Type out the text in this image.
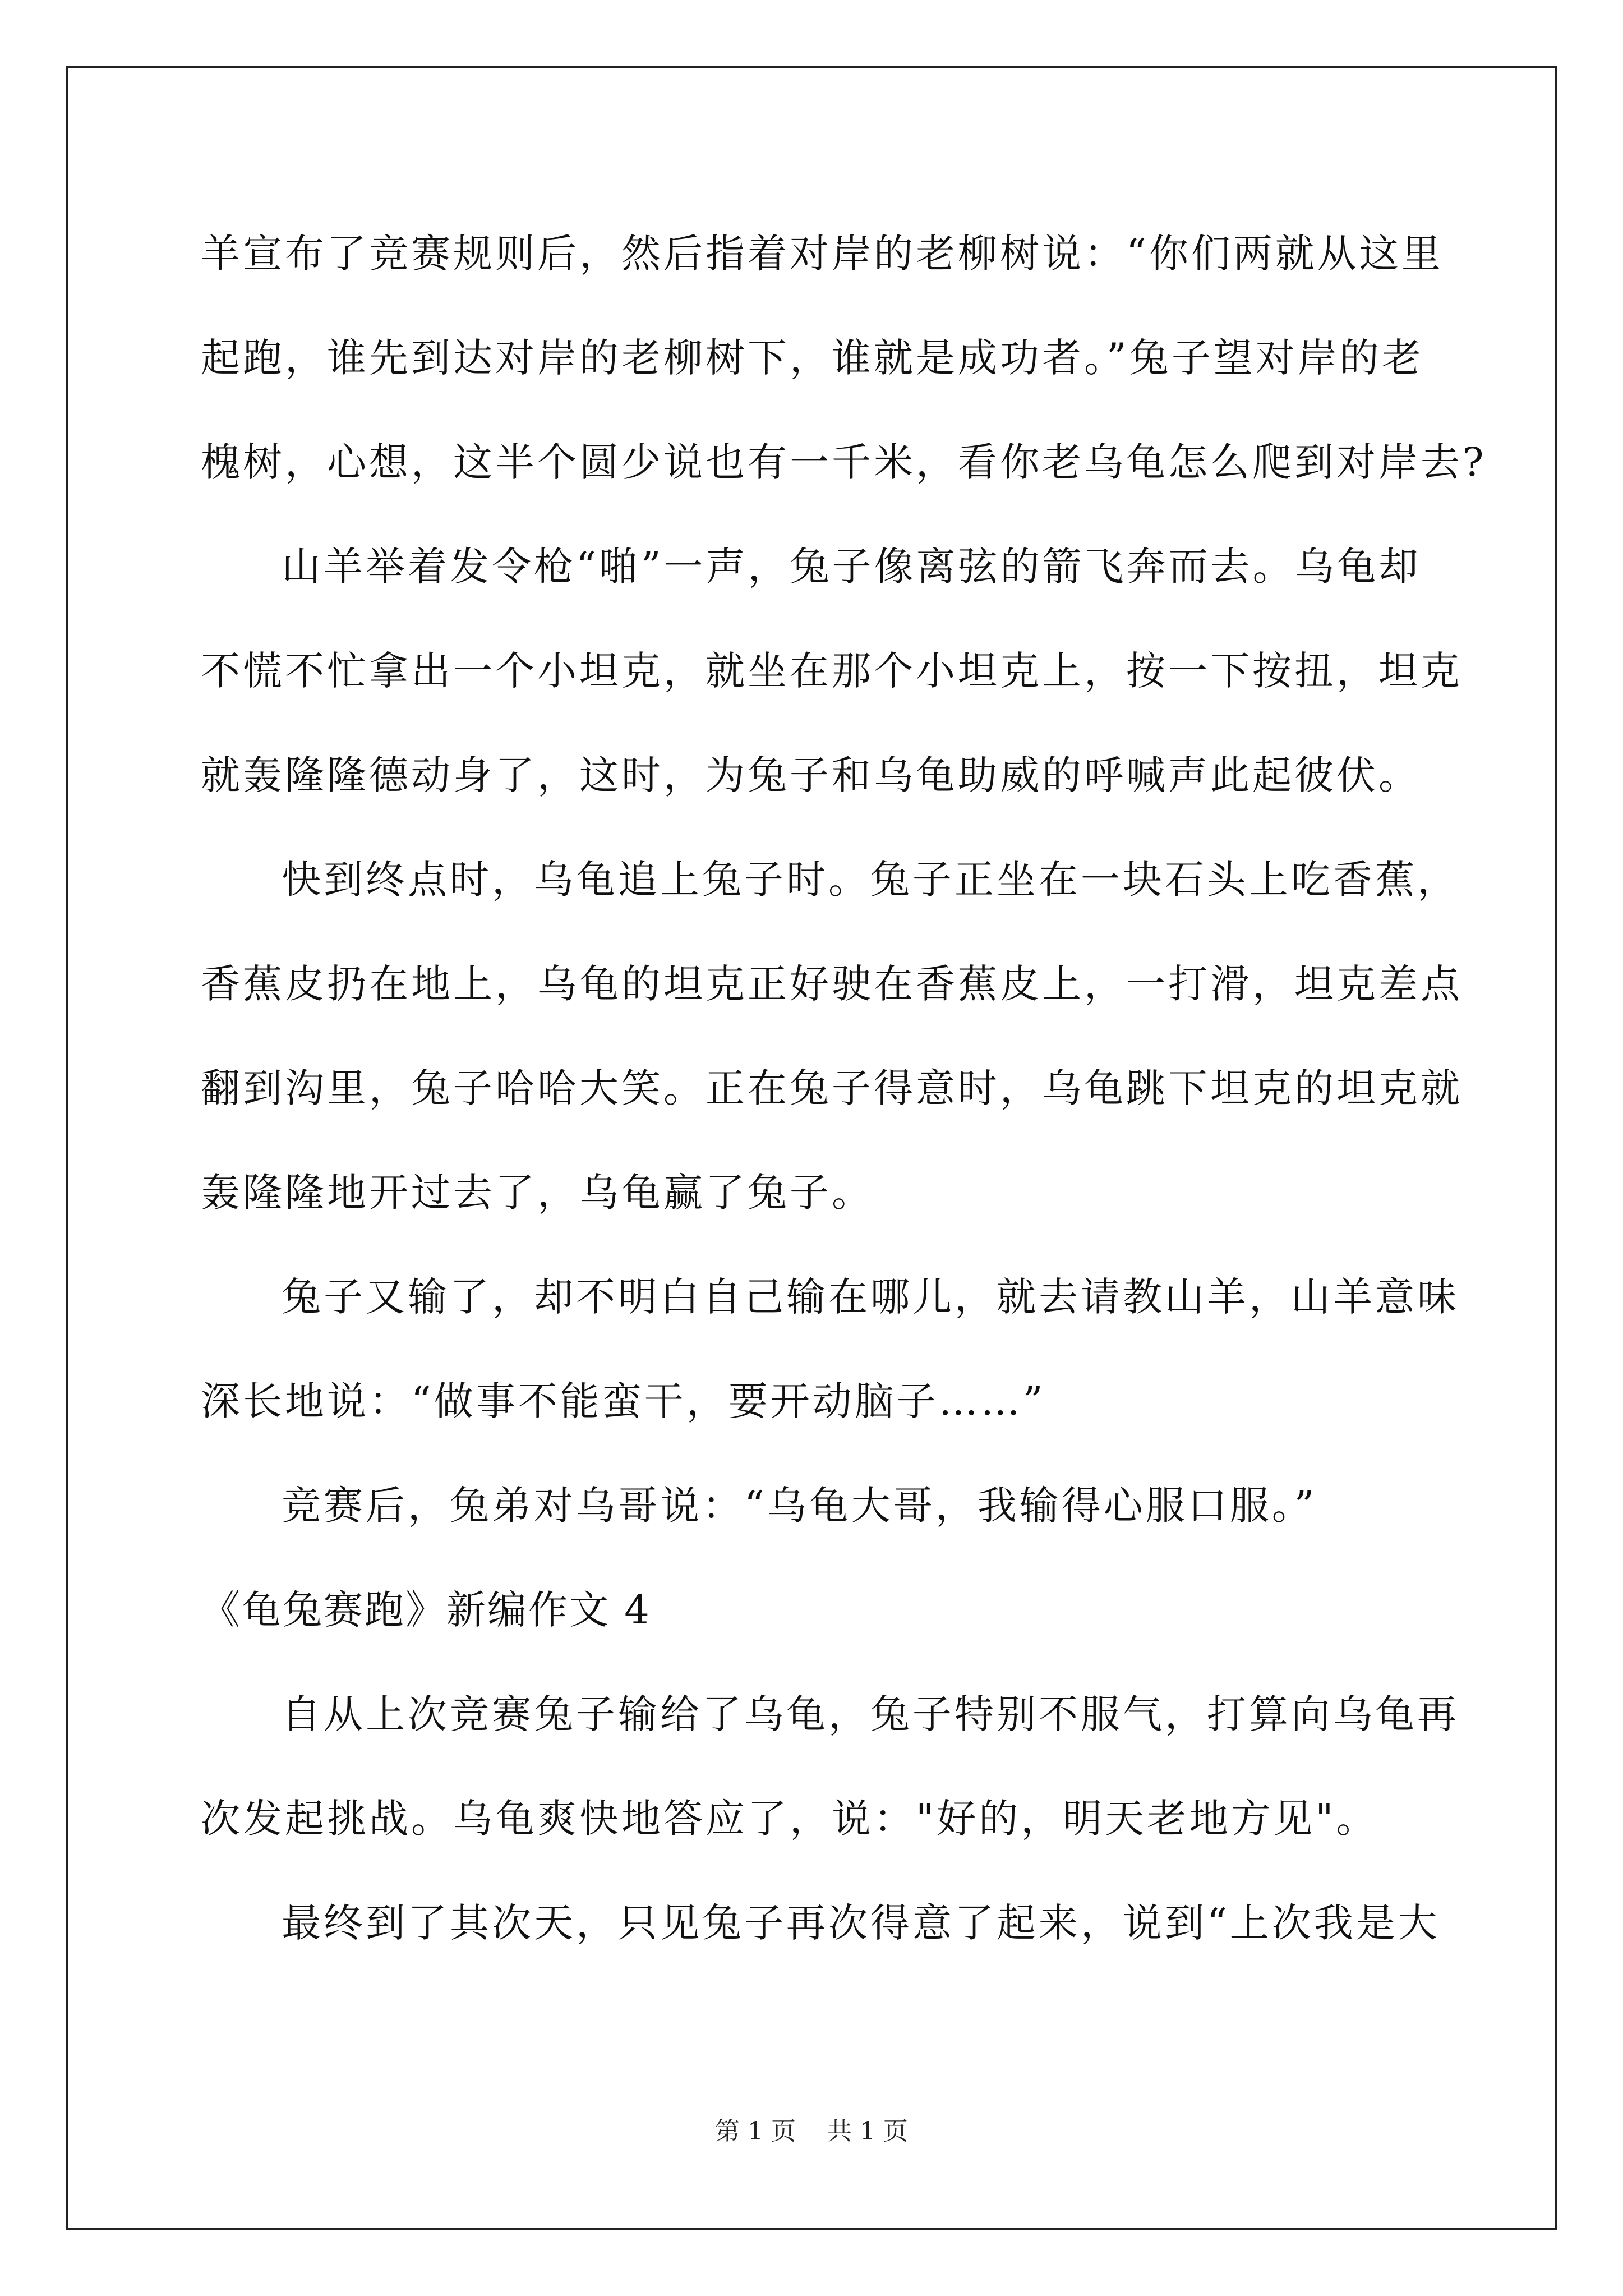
羊宣布了竞赛规则后，然后指着对岸的老柳树说：“你们两就从这里
起跑，谁先到达对岸的老柳树下，谁就是成功者。”兔子望对岸的老
槐树，心想，这半个圆少说也有一千米，看你老乌龟怎么爬到对岸去?
山羊举着发令枪“啪”一声，兔子像离弦的箭飞奔而去。乌龟却
不慌不忙拿出一个小坦克，就坐在那个小坦克上，按一下按扭，坦克
就轰隆隆德动身了，这时，为兔子和乌龟助威的呼喊声此起彼伏。
快到终点时，乌龟追上兔子时。兔子正坐在一块石头上吃香蕉，
香蕉皮扔在地上，乌龟的坦克正好驶在香蕉皮上，一打滑，坦克差点
翻到沟里，兔子哈哈大笑。正在兔子得意时，乌龟跳下坦克的坦克就
轰隆隆地开过去了，乌龟赢了兔子。
兔子又输了，却不明白自己输在哪儿，就去请教山羊，山羊意味
深长地说：“做事不能蛮干，要开动脑子……”
竞赛后，兔弟对乌哥说：“乌龟大哥，我输得心服口服。”
《龟兔赛跑》新编作文 4
自从上次竞赛兔子输给了乌龟，兔子特别不服气，打算向乌龟再
次发起挑战。乌龟爽快地答应了，说："好的，明天老地方见"。
最终到了其次天，只见兔子再次得意了起来，说到“上次我是大
第 1 页 共 1 页
